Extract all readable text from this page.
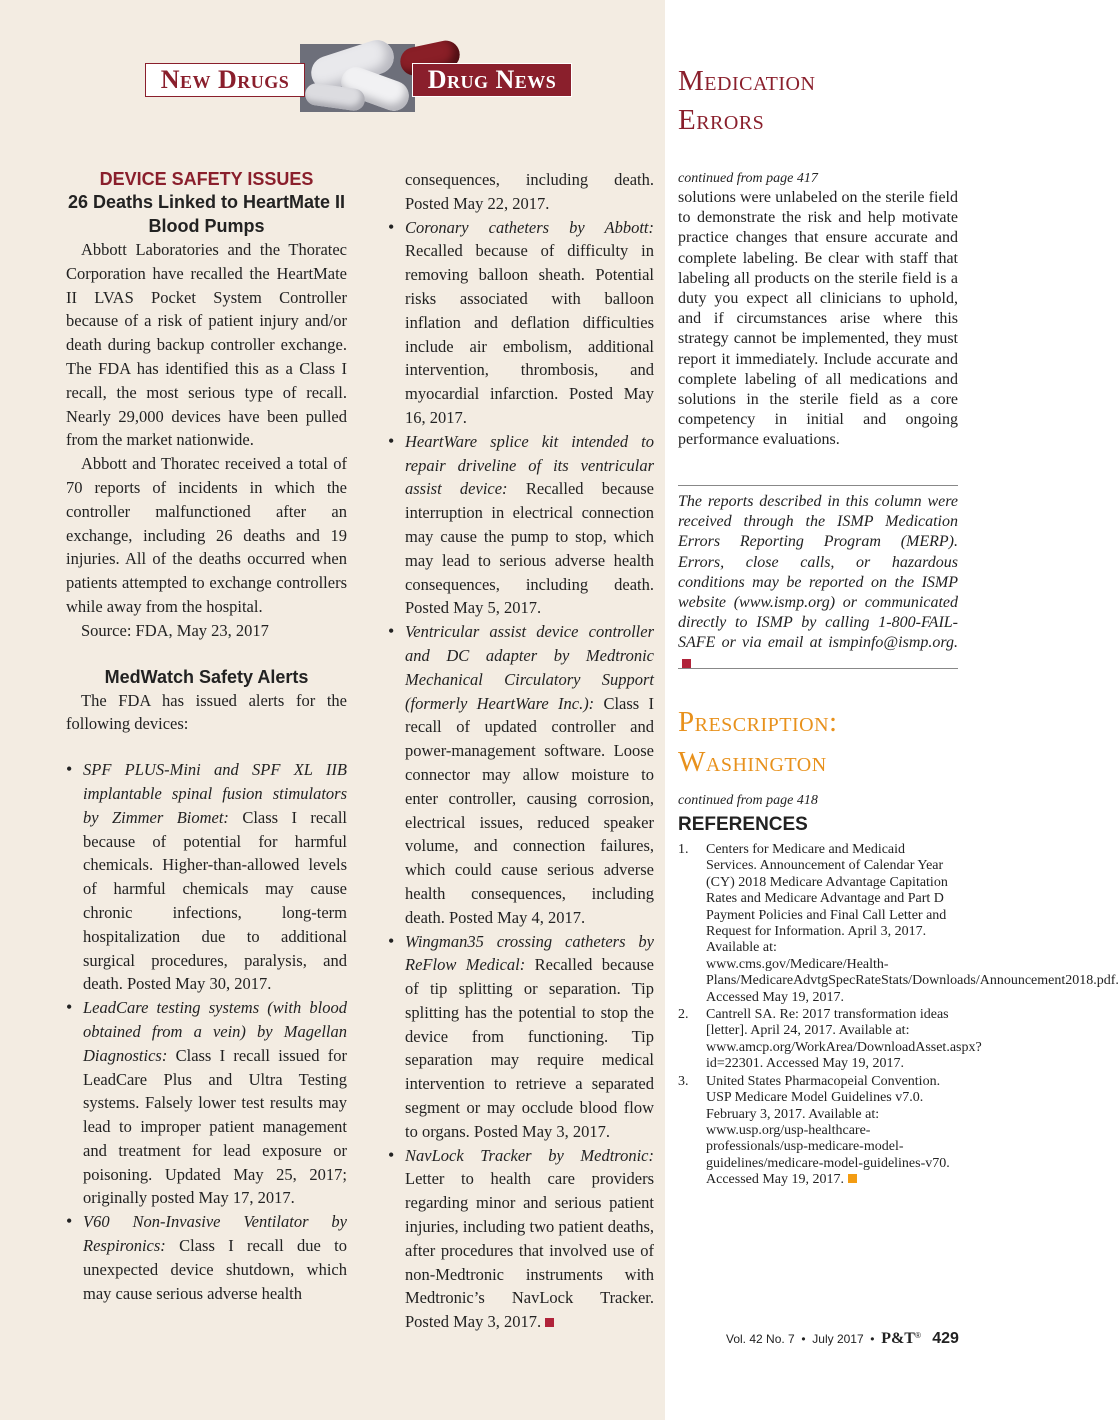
New Drugs	Drug News	Medication
Errors
DEVICE SAFETY ISSUES
26 Deaths Linked to HeartMate II Blood Pumps

Abbott Laboratories and the Thoratec Corporation have recalled the HeartMate II LVAS Pocket System Controller because of a risk of patient injury and/or death during backup controller exchange. The FDA has identified this as a Class I recall, the most serious type of recall. Nearly 29,000 devices have been pulled from the market nationwide.

Abbott and Thoratec received a total of 70 reports of incidents in which the controller malfunctioned after an exchange, including 26 deaths and 19 injuries. All of the deaths occurred when patients attempted to exchange controllers while away from the hospital.

Source: FDA, May 23, 2017

MedWatch Safety Alerts

The FDA has issued alerts for the following devices:

• SPF PLUS-Mini and SPF XL IIB implantable spinal fusion stimulators by Zimmer Biomet: Class I recall because of potential for harmful chemicals. Higher-than-allowed levels of harmful chemicals may cause chronic infections, long-term hospitalization due to additional surgical procedures, paralysis, and death. Posted May 30, 2017.
• LeadCare testing systems (with blood obtained from a vein) by Magellan Diagnostics: Class I recall issued for LeadCare Plus and Ultra Testing systems. Falsely lower test results may lead to improper patient management and treatment for lead exposure or poisoning. Updated May 25, 2017; originally posted May 17, 2017.
• V60 Non-Invasive Ventilator by Respironics: Class I recall due to unexpected device shutdown, which may cause serious adverse health
consequences, including death. Posted May 22, 2017.
• Coronary catheters by Abbott: Recalled because of difficulty in removing balloon sheath. Potential risks associated with balloon inflation and deflation difficulties include air embolism, additional intervention, thrombosis, and myocardial infarction. Posted May 16, 2017.
• HeartWare splice kit intended to repair driveline of its ventricular assist device: Recalled because interruption in electrical connection may cause the pump to stop, which may lead to serious adverse health consequences, including death. Posted May 5, 2017.
• Ventricular assist device controller and DC adapter by Medtronic Mechanical Circulatory Support (formerly HeartWare Inc.): Class I recall of updated controller and power-management software. Loose connector may allow moisture to enter controller, causing corrosion, electrical issues, reduced speaker volume, and connection failures, which could cause serious adverse health consequences, including death. Posted May 4, 2017.
• Wingman35 crossing catheters by ReFlow Medical: Recalled because of tip splitting or separation. Tip splitting has the potential to stop the device from functioning. Tip separation may require medical intervention to retrieve a separated segment or may occlude blood flow to organs. Posted May 3, 2017.
• NavLock Tracker by Medtronic: Letter to health care providers regarding minor and serious patient injuries, including two patient deaths, after procedures that involved use of non-Medtronic instruments with Medtronic’s NavLock Tracker. Posted May 3, 2017.

continued from page 417

solutions were unlabeled on the sterile field to demonstrate the risk and help motivate practice changes that ensure accurate and complete labeling. Be clear with staff that labeling all products on the sterile field is a duty you expect all clinicians to uphold, and if circumstances arise where this strategy cannot be implemented, they must report it immediately. Include accurate and complete labeling of all medications and solutions in the sterile field as a core competency in initial and ongoing performance evaluations.

The reports described in this column were received through the ISMP Medication Errors Reporting Program (MERP). Errors, close calls, or hazardous conditions may be reported on the ISMP website (www.ismp.org) or communicated directly to ISMP by calling 1-800-FAIL-SAFE or via email at ismpinfo@ismp.org.

Prescription:
Washington
continued from page 418
REFERENCES
1. Centers for Medicare and Medicaid Services. Announcement of Calendar Year (CY) 2018 Medicare Advantage Capitation Rates and Medicare Advantage and Part D Payment Policies and Final Call Letter and Request for Information. April 3, 2017. Available at: www.cms.gov/Medicare/Health-Plans/MedicareAdvtgSpecRateStats/Downloads/Announcement2018.pdf. Accessed May 19, 2017.
2. Cantrell SA. Re: 2017 transformation ideas [letter]. April 24, 2017. Available at: www.amcp.org/WorkArea/DownloadAsset.aspx?id=22301. Accessed May 19, 2017.
3. United States Pharmacopeial Convention. USP Medicare Model Guidelines v7.0. February 3, 2017. Available at: www.usp.org/usp-healthcare-professionals/usp-medicare-model-guidelines/medicare-model-guidelines-v70. Accessed May 19, 2017.
Vol. 42 No. 7  •  July 2017  •  P&T® 429
